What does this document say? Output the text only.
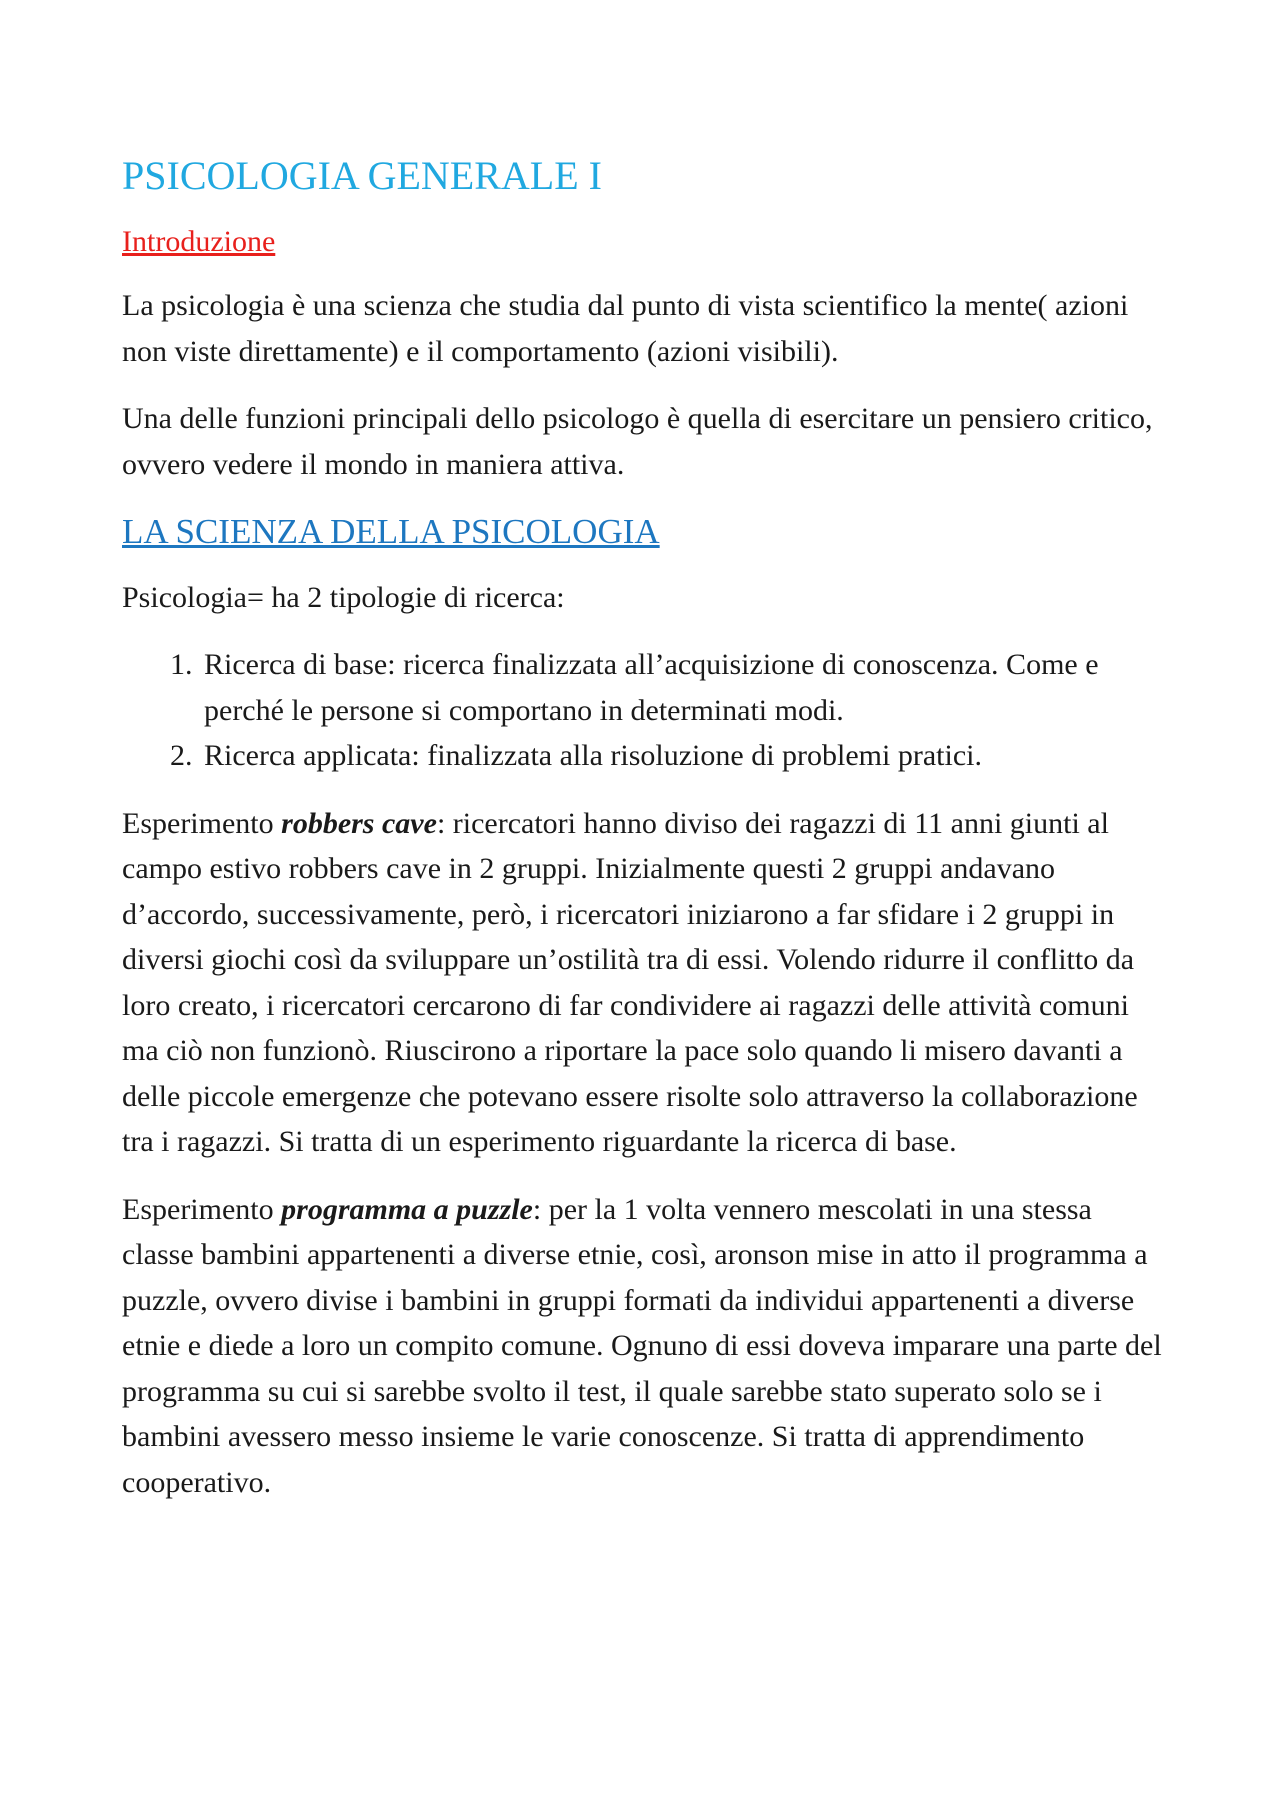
PSICOLOGIA GENERALE I
Introduzione

La psicologia è una scienza che studia dal punto di vista scientifico la mente( azioni non viste direttamente) e il comportamento (azioni visibili).

Una delle funzioni principali dello psicologo è quella di esercitare un pensiero critico, ovvero vedere il mondo in maniera attiva.

LA SCIENZA DELLA PSICOLOGIA

Psicologia= ha 2 tipologie di ricerca:

1. Ricerca di base: ricerca finalizzata all’acquisizione di conoscenza. Come e perché le persone si comportano in determinati modi.
2. Ricerca applicata: finalizzata alla risoluzione di problemi pratici.

Esperimento robbers cave: ricercatori hanno diviso dei ragazzi di 11 anni giunti al campo estivo robbers cave in 2 gruppi. Inizialmente questi 2 gruppi andavano d’accordo, successivamente, però, i ricercatori iniziarono a far sfidare i 2 gruppi in diversi giochi così da sviluppare un’ostilità tra di essi. Volendo ridurre il conflitto da loro creato, i ricercatori cercarono di far condividere ai ragazzi delle attività comuni ma ciò non funzionò. Riuscirono a riportare la pace solo quando li misero davanti a delle piccole emergenze che potevano essere risolte solo attraverso la collaborazione tra i ragazzi. Si tratta di un esperimento riguardante la ricerca di base.

Esperimento programma a puzzle: per la 1 volta vennero mescolati in una stessa classe bambini appartenenti a diverse etnie, così, aronson mise in atto il programma a puzzle, ovvero divise i bambini in gruppi formati da individui appartenenti a diverse etnie e diede a loro un compito comune. Ognuno di essi doveva imparare una parte del programma su cui si sarebbe svolto il test, il quale sarebbe stato superato solo se i bambini avessero messo insieme le varie conoscenze. Si tratta di apprendimento cooperativo.
